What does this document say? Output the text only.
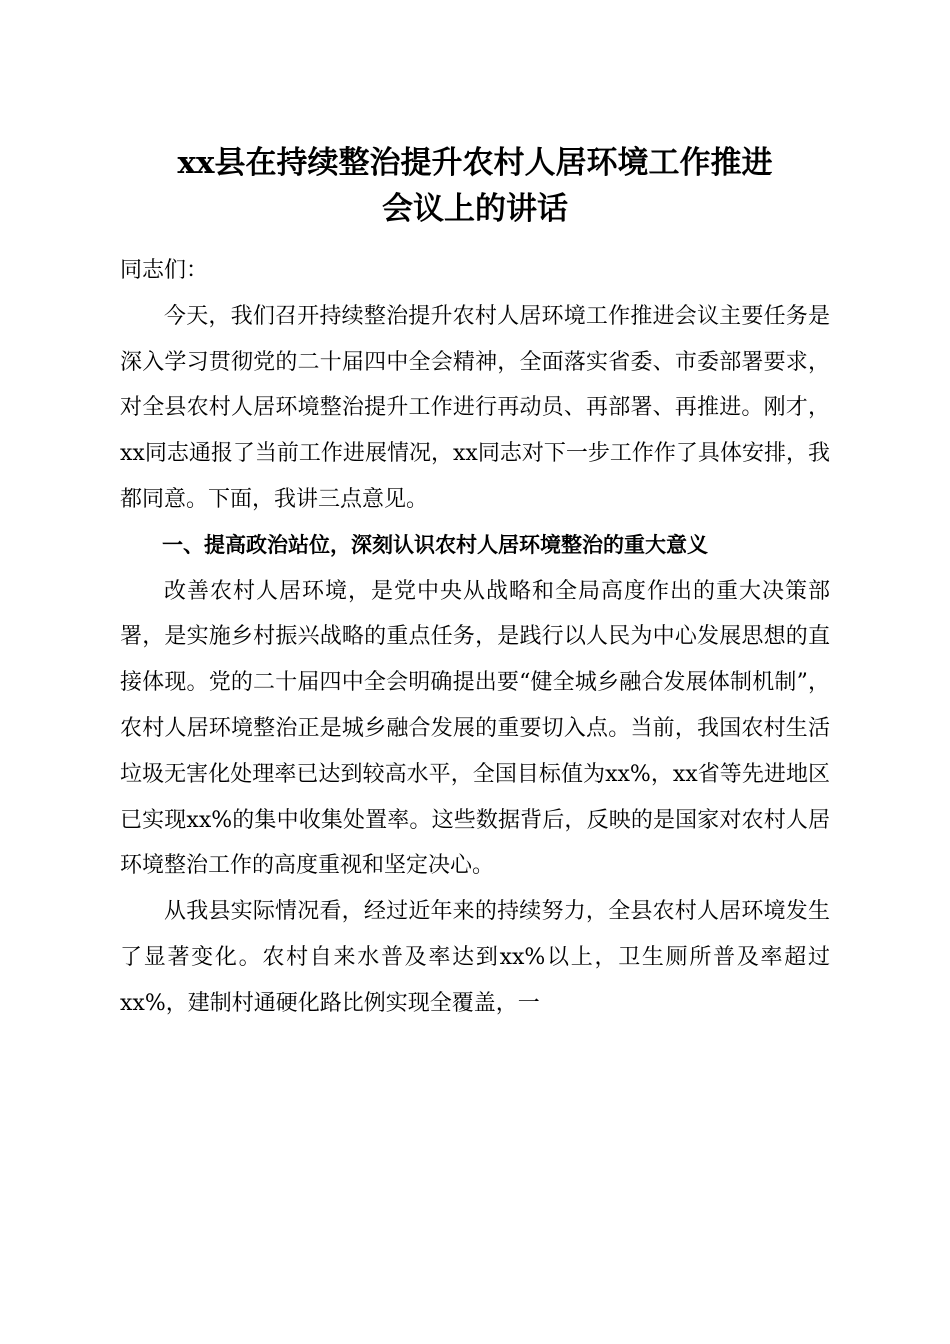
xx县在持续整治提升农村人居环境工作推进
会议上的讲话

同志们：

今天，我们召开持续整治提升农村人居环境工作推进会议主要任务是深入学习贯彻党的二十届四中全会精神，全面落实省委、市委部署要求，对全县农村人居环境整治提升工作进行再动员、再部署、再推进。刚才，xx同志通报了当前工作进展情况，xx同志对下一步工作作了具体安排，我都同意。下面，我讲三点意见。

一、提高政治站位，深刻认识农村人居环境整治的重大意义

改善农村人居环境，是党中央从战略和全局高度作出的重大决策部署，是实施乡村振兴战略的重点任务，是践行以人民为中心发展思想的直接体现。党的二十届四中全会明确提出要“健全城乡融合发展体制机制”，农村人居环境整治正是城乡融合发展的重要切入点。当前，我国农村生活垃圾无害化处理率已达到较高水平，全国目标值为xx%，xx省等先进地区已实现xx%的集中收集处置率。这些数据背后，反映的是国家对农村人居环境整治工作的高度重视和坚定决心。

从我县实际情况看，经过近年来的持续努力，全县农村人居环境发生了显著变化。农村自来水普及率达到xx%以上，卫生厕所普及率超过xx%，建制村通硬化路比例实现全覆盖，一
